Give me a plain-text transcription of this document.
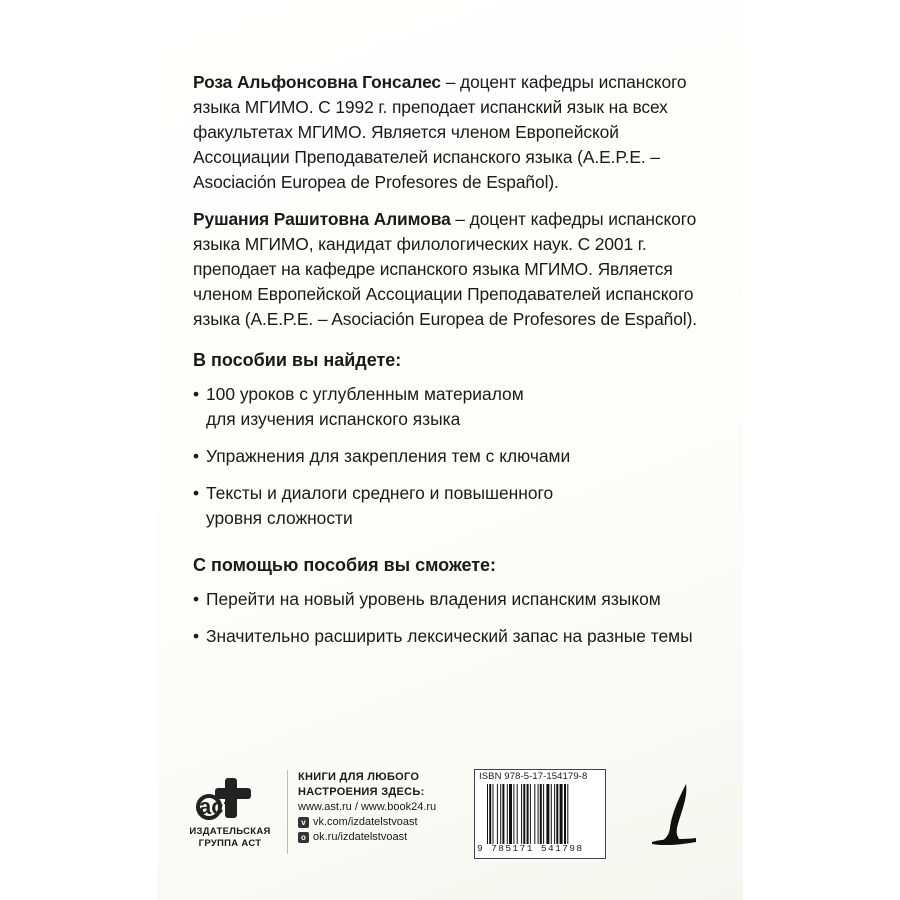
Роза Альфонсовна Гонсалес – доцент кафедры испанского
языка МГИМО. С 1992 г. преподает испанский язык на всех
факультетах МГИМО. Является членом Европейской
Ассоциации Преподавателей испанского языка (A.E.P.E. –
Asociación Europea de Profesores de Español).

Рушания Рашитовна Алимова – доцент кафедры испанского
языка МГИМО, кандидат филологических наук. С 2001 г.
преподает на кафедре испанского языка МГИМО. Является
членом Европейской Ассоциации Преподавателей испанского
языка (A.E.P.E. – Asociación Europea de Profesores de Español).

В пособии вы найдете:
• 100 уроков с углубленным материалом
для изучения испанского языка
• Упражнения для закрепления тем с ключами
• Тексты и диалоги среднего и повышенного
уровня сложности
С помощью пособия вы сможете:
• Перейти на новый уровень владения испанским языком
• Значительно расширить лексический запас на разные темы
аст
ИЗДАТЕЛЬСКАЯ
ГРУППА АСТ
КНИГИ ДЛЯ ЛЮБОГО
НАСТРОЕНИЯ ЗДЕСЬ:
www.ast.ru / www.book24.ru
v vk.com/izdatelstvoast
o ok.ru/izdatelstvoast
ISBN 978-5-17-154179-8
9 785171 541798
